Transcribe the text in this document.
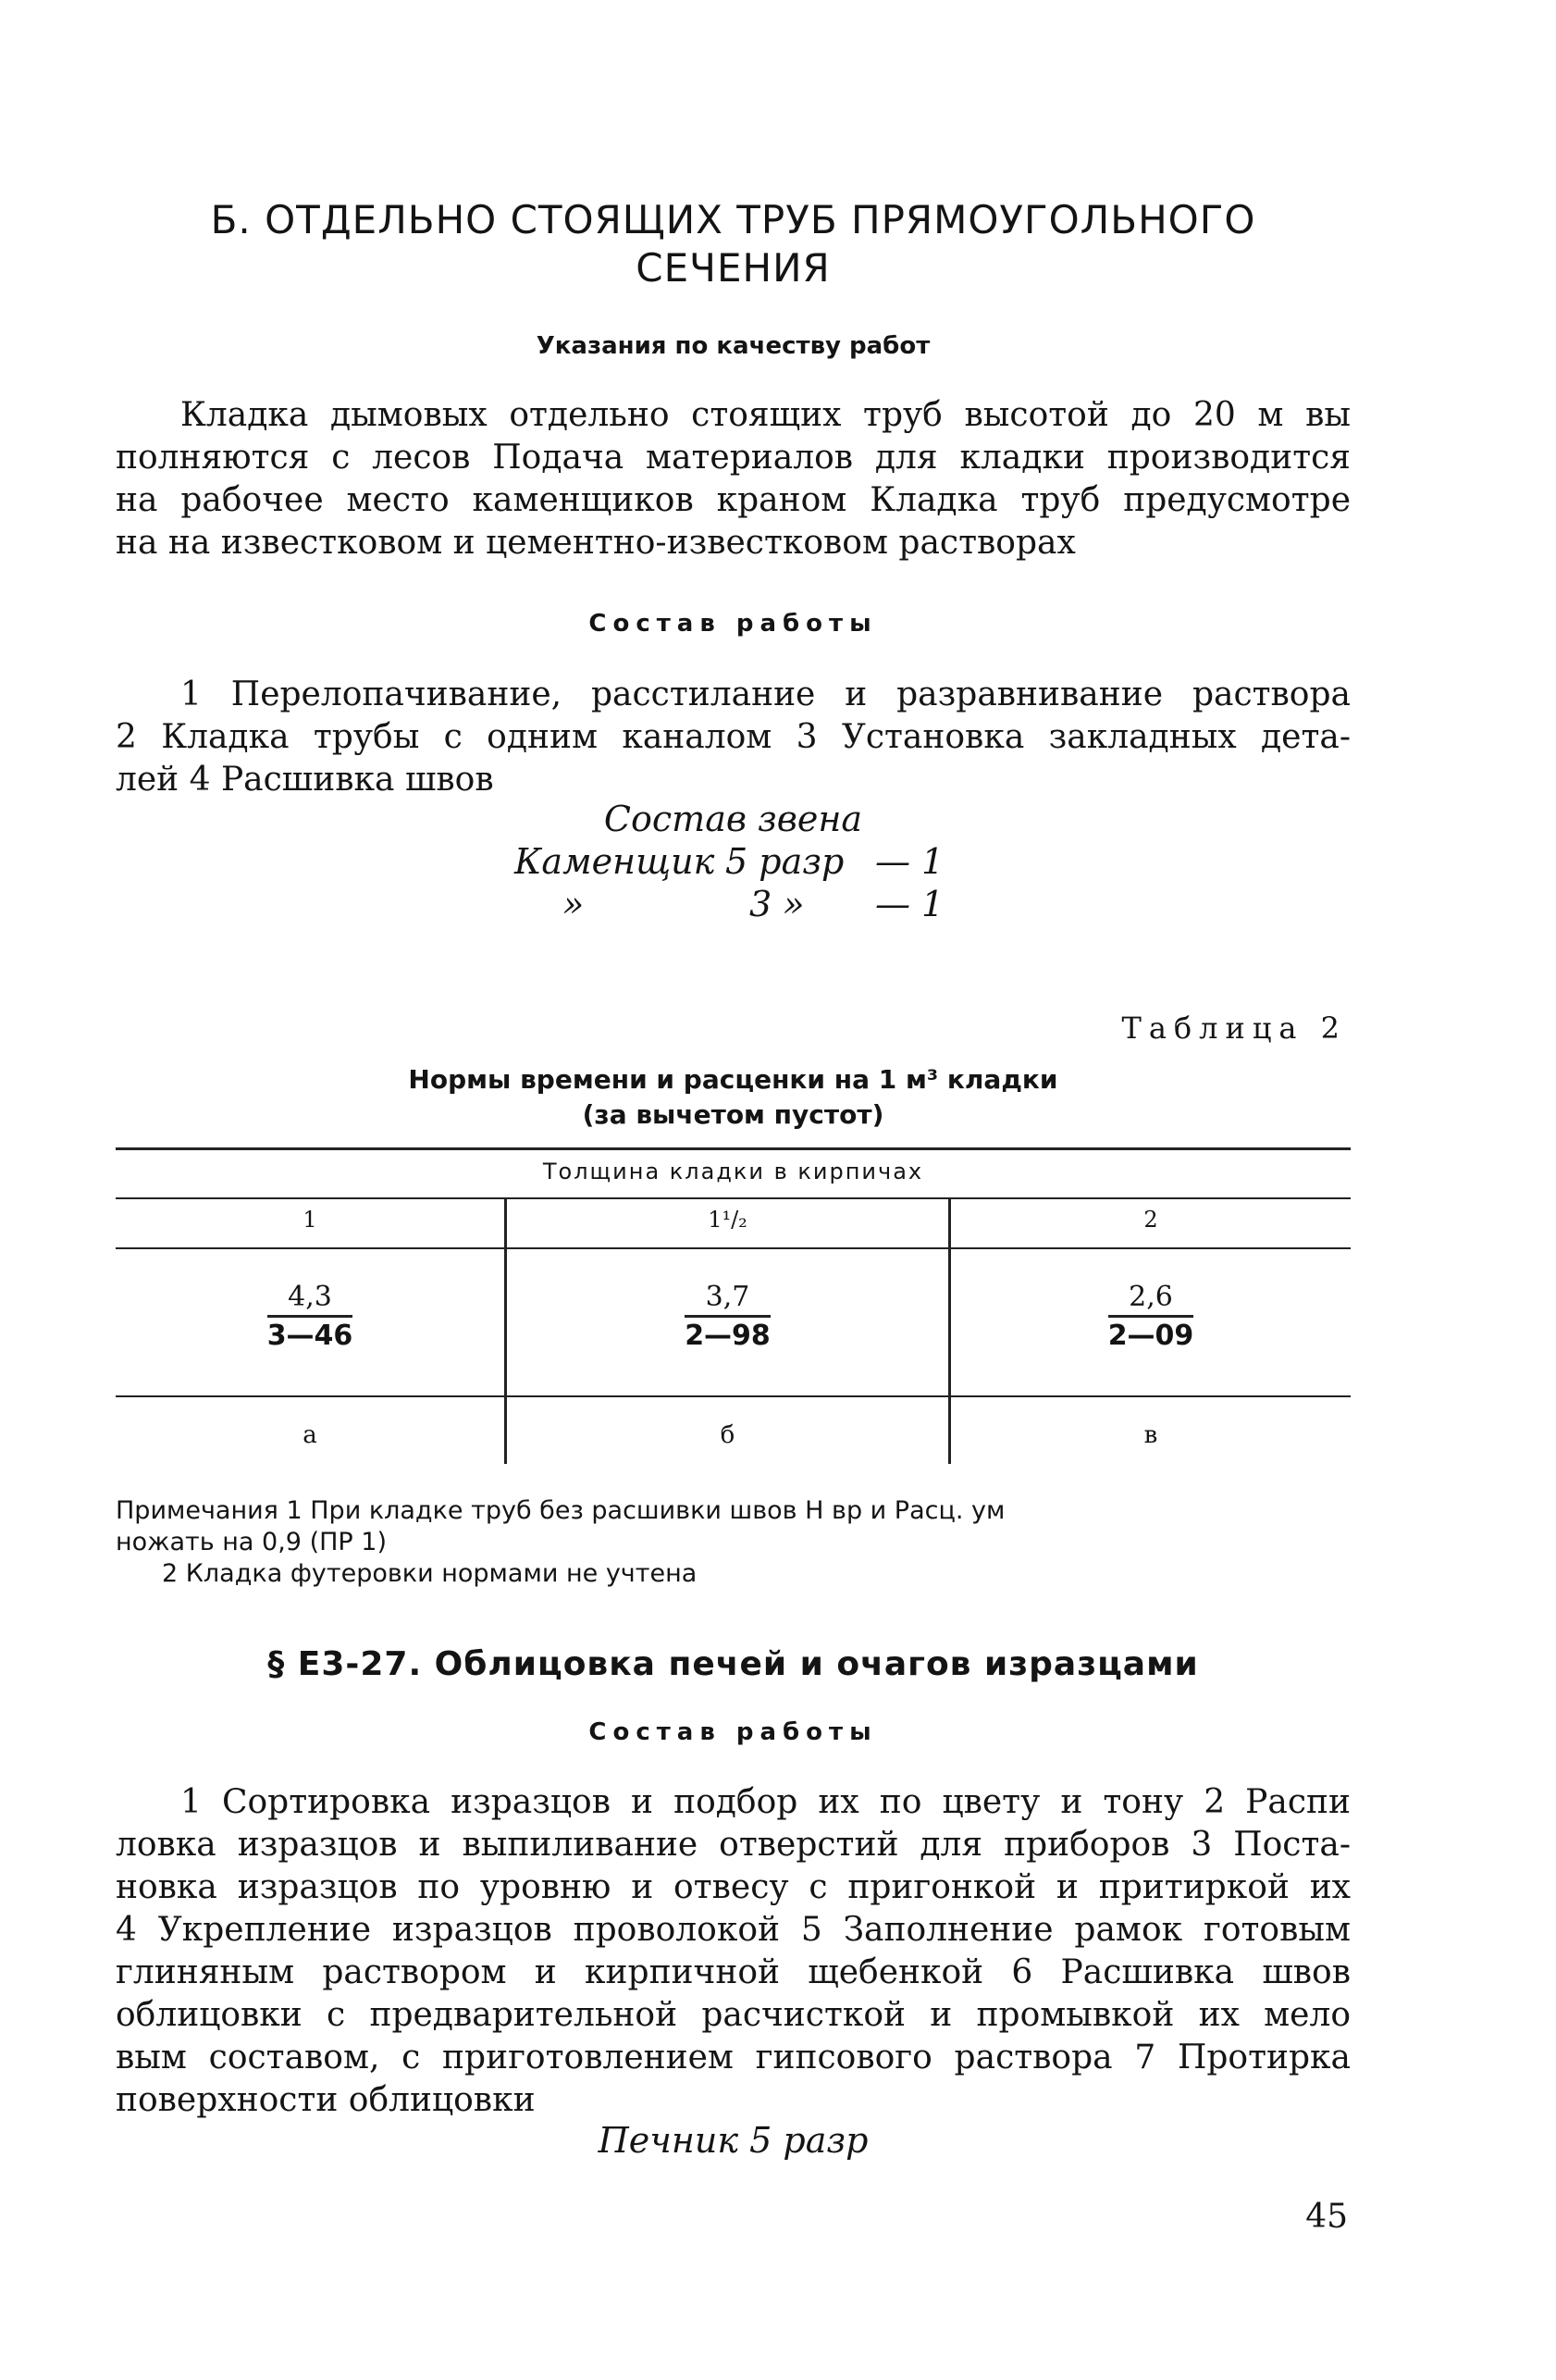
Б. ОТДЕЛЬНО СТОЯЩИХ ТРУБ ПРЯМОУГОЛЬНОГО
СЕЧЕНИЯ
Указания по качеству работ
Кладка дымовых отдельно стоящих труб высотой до 20 м вы
полняются с лесов Подача материалов для кладки производится
на рабочее место каменщиков краном Кладка труб предусмотре
на на известковом и цементно-известковом растворах
Состав работы
1 Перелопачивание, расстилание и разравнивание раствора
2 Кладка трубы с одним каналом 3 Установка закладных дета-
лей 4 Расшивка швов
Состав звена
Каменщик 5 разр — 1
»	3 » — 1
Таблица 2
Нормы времени и расценки на 1 м³ кладки
(за вычетом пустот)
Толщина кладки в кирпичах
1	1¹/₂	2
$\frac{4,3}{3—46}$	$\frac{3,7}{2—98}$	$\frac{2,6}{2—09}$
а	б	в
Примечания 1 При кладке труб без расшивки швов Н вр и Расц. ум
ножать на 0,9 (ПР 1)
2 Кладка футеровки нормами не учтена
§ Е3-27. Облицовка печей и очагов изразцами
Состав работы
1 Сортировка изразцов и подбор их по цвету и тону 2 Распи
ловка изразцов и выпиливание отверстий для приборов 3 Поста-
новка изразцов по уровню и отвесу с пригонкой и притиркой их
4 Укрепление изразцов проволокой 5 Заполнение рамок готовым
глиняным раствором и кирпичной щебенкой 6 Расшивка швов
облицовки с предварительной расчисткой и промывкой их мело
вым составом, с приготовлением гипсового раствора 7 Протирка
поверхности облицовки
Печник 5 разр
45
